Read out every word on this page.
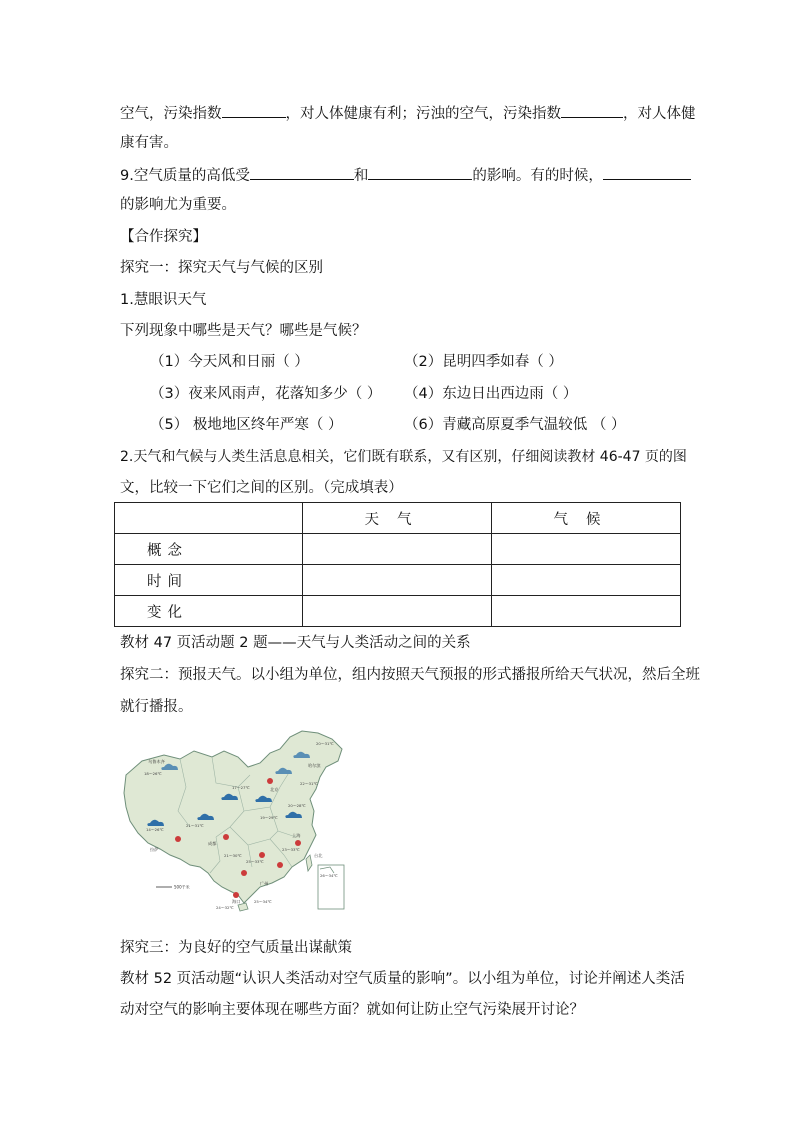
空气，污染指数	，对人体健康有利；污浊的空气，污染指数	，对人体健
康有害。
9.空气质量的高低受	和	的影响。有的时候，
的影响尤为重要。
【合作探究】
探究一：探究天气与气候的区别
1.慧眼识天气
下列现象中哪些是天气？哪些是气候？
（1）今天风和日丽（ ）	（2）昆明四季如春（ ）
（3）夜来风雨声，花落知多少（ ） （4）东边日出西边雨（ ）
（5） 极地地区终年严寒（ ）	（6）青藏高原夏季气温较低 （ ）
2.天气和气候与人类生活息息相关，它们既有联系，又有区别，仔细阅读教材 46-47 页的图
文，比较一下它们之间的区别。（完成填表）
	天气	气候
概念		
时间		
变化		
教材 47 页活动题 2 题——天气与人类活动之间的关系
探究二：预报天气。以小组为单位，组内按照天气预报的形式播报所给天气状况，然后全班
就行播报。
乌鲁木齐
拉萨
北京
哈尔滨
上海
广州
成都
台北
海口
18～26℃
14～26℃
17～27℃
20～31℃
22～31℃
26～34℃
21～30℃
25～34℃
24～32℃
23～33℃
21～31℃
25～33℃
20～28℃
19～29℃
500千米
探究三：为良好的空气质量出谋献策
教材 52 页活动题“认识人类活动对空气质量的影响”。以小组为单位，讨论并阐述人类活
动对空气的影响主要体现在哪些方面？就如何让防止空气污染展开讨论？
